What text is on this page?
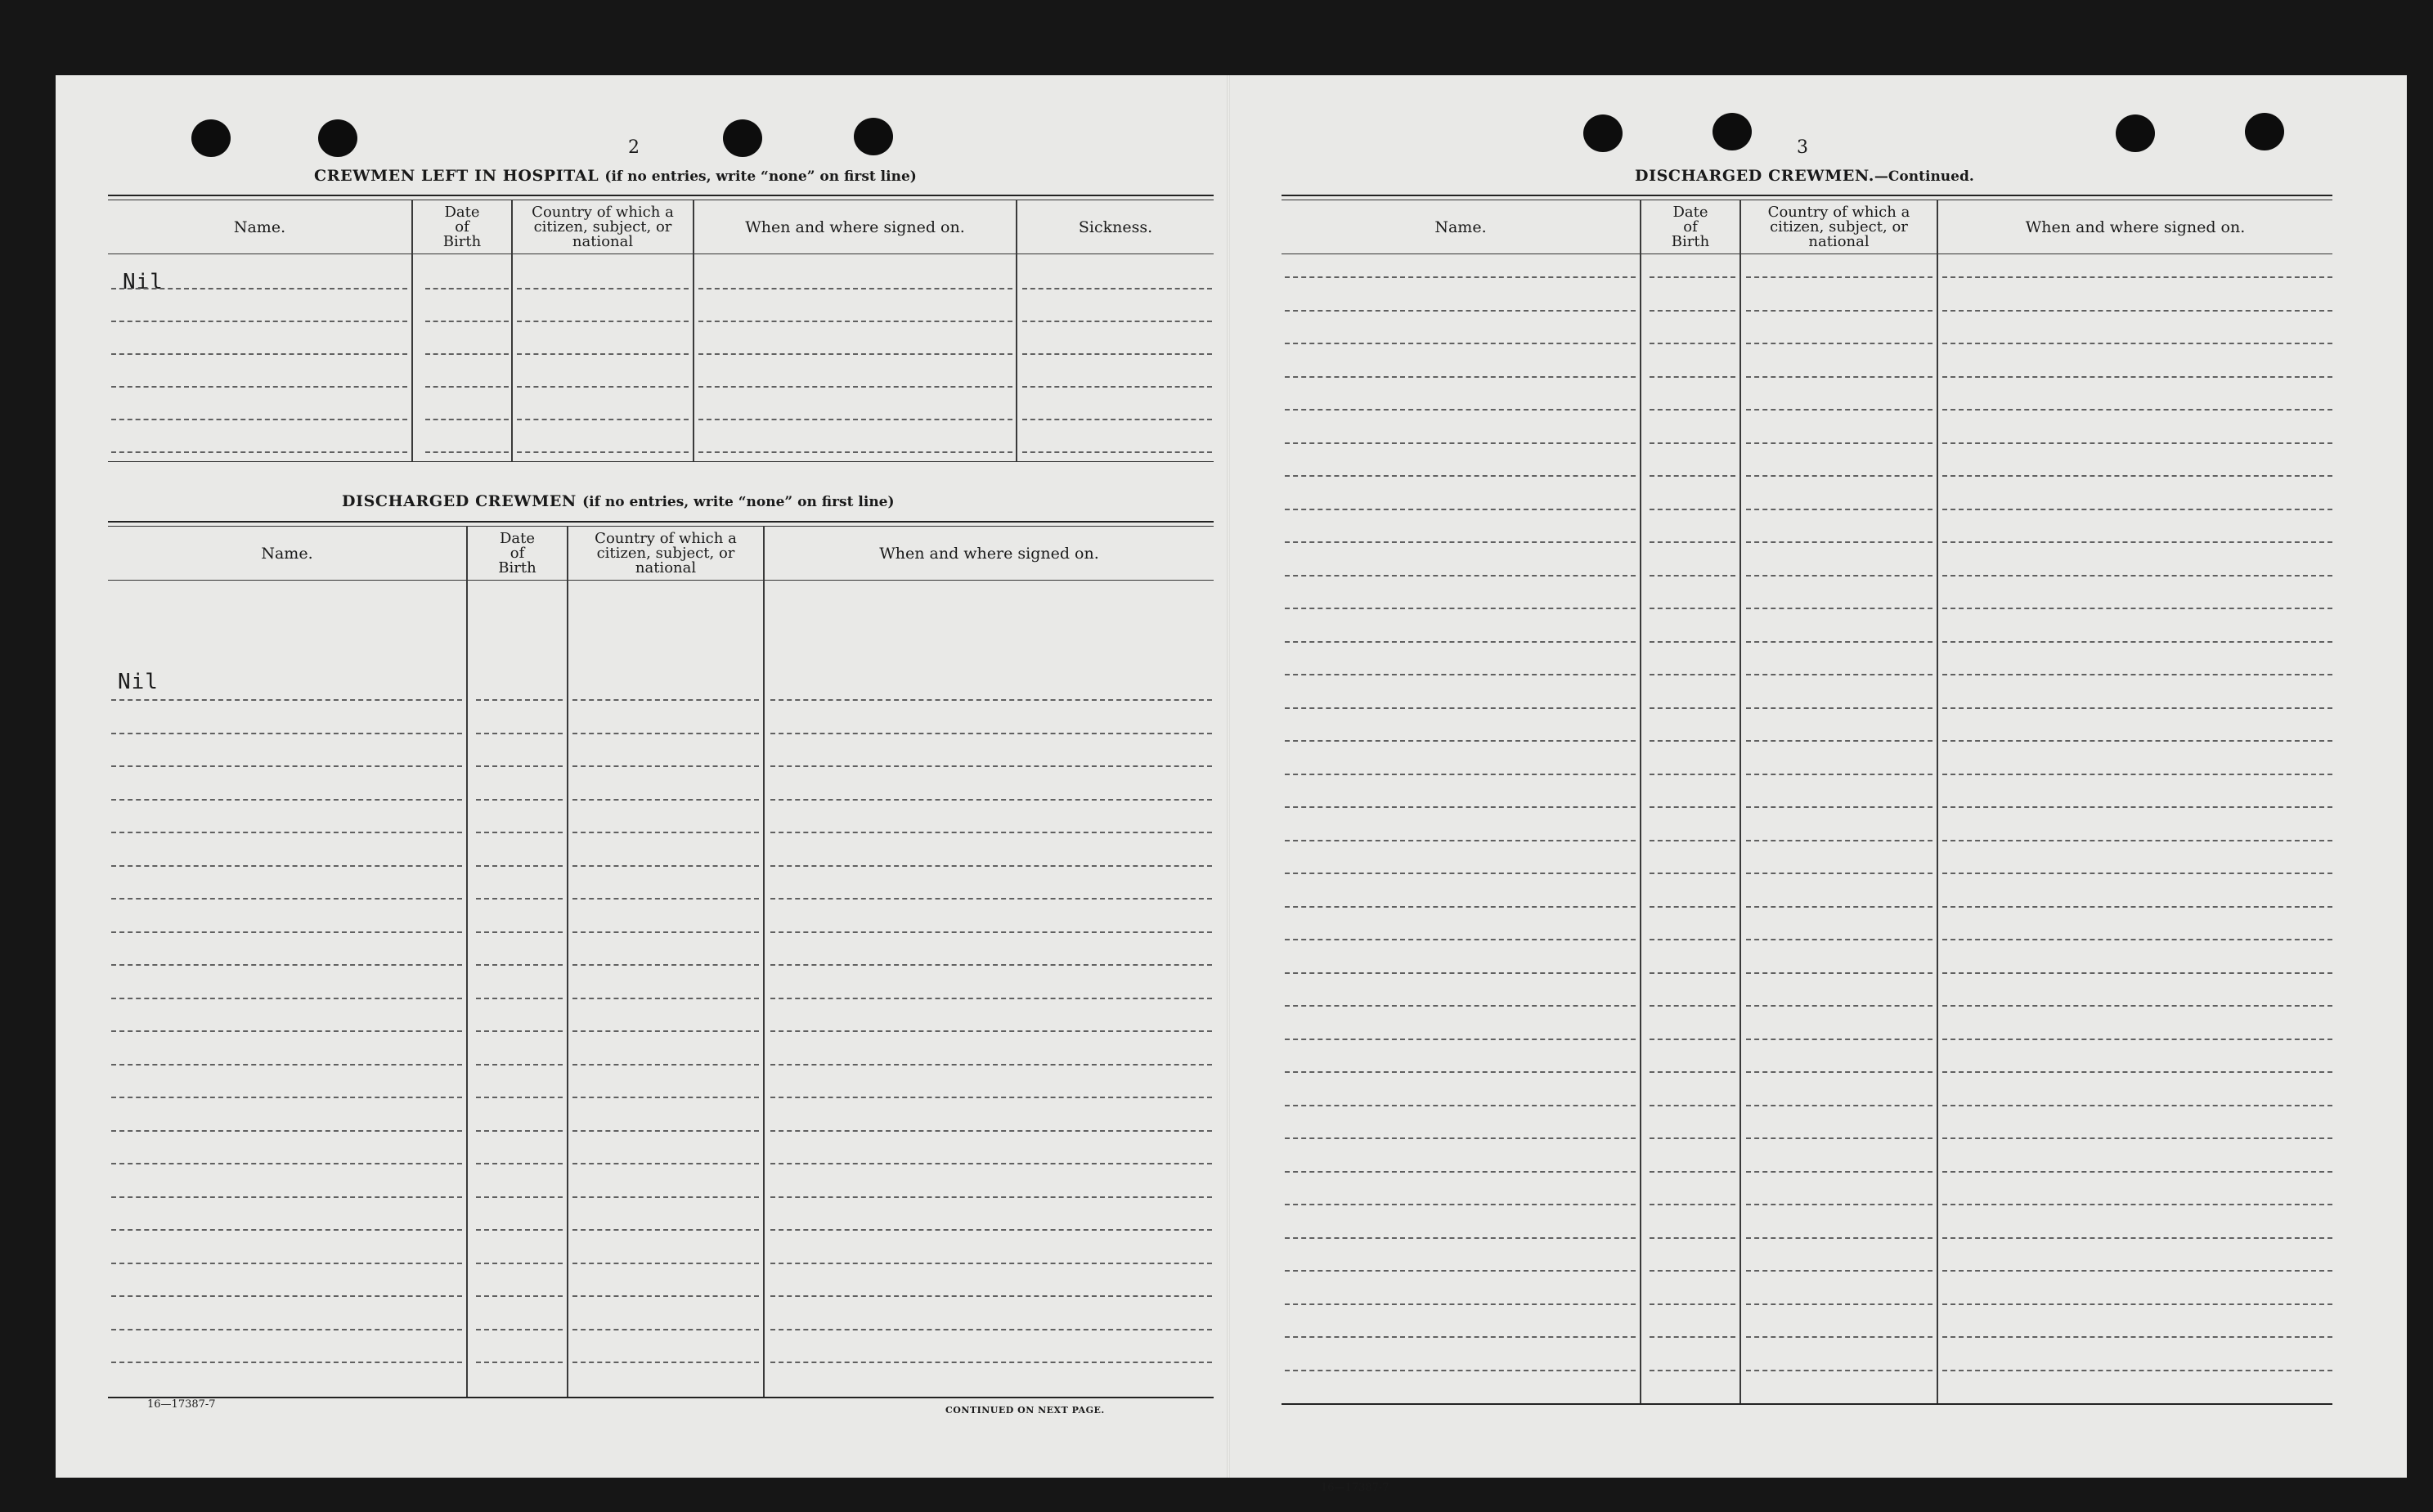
2
CREWMEN LEFT IN HOSPITAL (if no entries, write “none” on first line)
Name.
Date of Birth
Country of which a citizen, subject, or national
When and where signed on.	Sickness.
Nil
DISCHARGED CREWMEN (if no entries, write “none” on first line)
Name.
Date of Birth
Country of which a citizen, subject, or national
When and where signed on.
Nil
16—17387-7	CONTINUED ON NEXT PAGE.
3
DISCHARGED CREWMEN.—Continued.
Name.
Date of Birth
Country of which a citizen, subject, or national
When and where signed on.
16—17387-7
